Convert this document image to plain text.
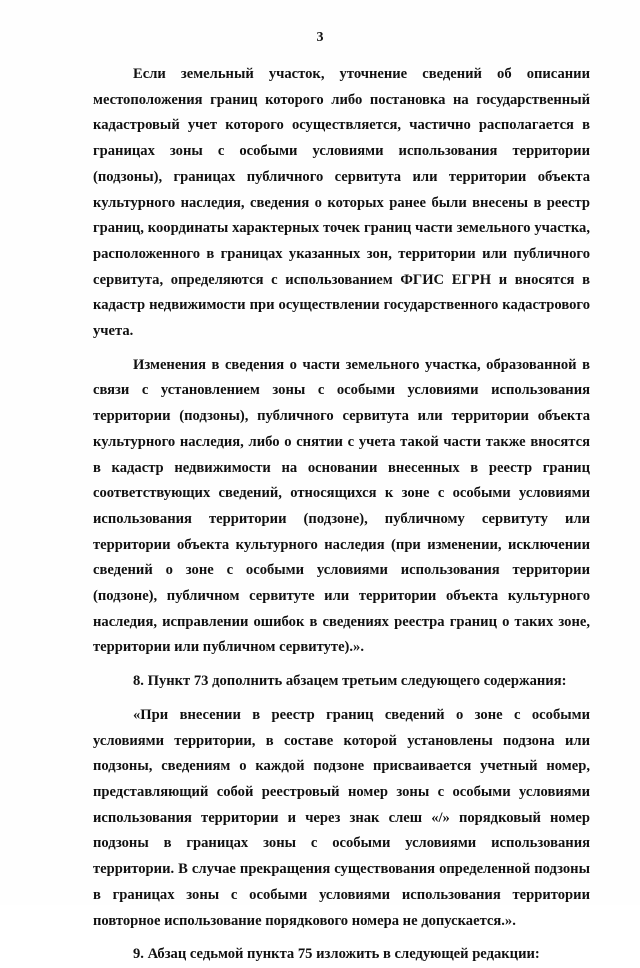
3

Если земельный участок, уточнение сведений об описании местоположения границ которого либо постановка на государственный кадастровый учет которого осуществляется, частично располагается в границах зоны с особыми условиями использования территории (подзоны), границах публичного сервитута или территории объекта культурного наследия, сведения о которых ранее были внесены в реестр границ, координаты характерных точек границ части земельного участка, расположенного в границах указанных зон, территории или публичного сервитута, определяются с использованием ФГИС ЕГРН и вносятся в кадастр недвижимости при осуществлении государственного кадастрового учета.

Изменения в сведения о части земельного участка, образованной в связи с установлением зоны с особыми условиями использования территории (подзоны), публичного сервитута или территории объекта культурного наследия, либо о снятии с учета такой части также вносятся в кадастр недвижимости на основании внесенных в реестр границ соответствующих сведений, относящихся к зоне с особыми условиями использования территории (подзоне), публичному сервитуту или территории объекта культурного наследия (при изменении, исключении сведений о зоне с особыми условиями использования территории (подзоне), публичном сервитуте или территории объекта культурного наследия, исправлении ошибок в сведениях реестра границ о таких зоне, территории или публичном сервитуте).».

8. Пункт 73 дополнить абзацем третьим следующего содержания:

«При внесении в реестр границ сведений о зоне с особыми условиями территории, в составе которой установлены подзона или подзоны, сведениям о каждой подзоне присваивается учетный номер, представляющий собой реестровый номер зоны с особыми условиями использования территории и через знак слеш «/» порядковый номер подзоны в границах зоны с особыми условиями использования территории. В случае прекращения существования определенной подзоны в границах зоны с особыми условиями использования территории повторное использование порядкового номера не допускается.».

9. Абзац седьмой пункта 75 изложить в следующей редакции:
